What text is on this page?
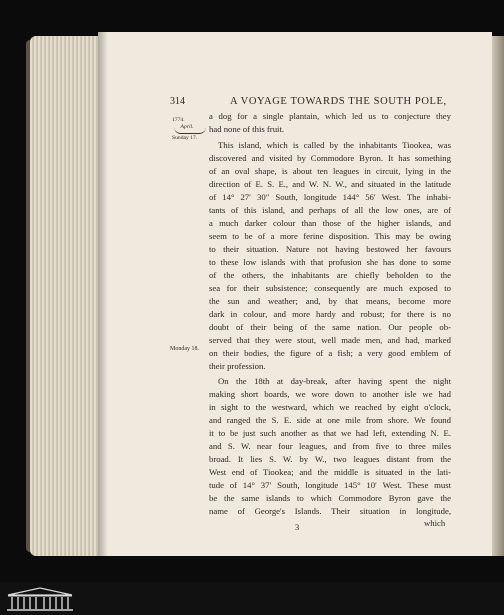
314	A VOYAGE TOWARDS THE SOUTH POLE,
1774.
April.
Sunday 17.
Monday 18.
a dog for a single plantain, which led us to conjecture they
had none of this fruit.
This island, which is called by the inhabitants Tiookea, was
discovered and visited by Commodore Byron. It has something
of an oval shape, is about ten leagues in circuit, lying in the
direction of E. S. E., and W. N. W., and situated in the latitude
of 14° 27′ 30″ South, longitude 144° 56′ West. The inhabi-
tants of this island, and perhaps of all the low ones, are of
a much darker colour than those of the higher islands, and
seem to be of a more ferine disposition. This may be owing
to their situation. Nature not having bestowed her favours
to these low islands with that profusion she has done to some
of the others, the inhabitants are chiefly beholden to the
sea for their subsistence; consequently are much exposed to
the sun and weather; and, by that means, become more
dark in colour, and more hardy and robust; for there is no
doubt of their being of the same nation. Our people ob-
served that they were stout, well made men, and had, marked
on their bodies, the figure of a fish; a very good emblem of
their profession.
On the 18th at day-break, after having spent the night
making short boards, we wore down to another isle we had
in sight to the westward, which we reached by eight o'clock,
and ranged the S. E. side at one mile from shore. We found
it to be just such another as that we had left, extending N. E.
and S. W. near four leagues, and from five to three miles
broad. It lies S. W. by W., two leagues distant from the
West end of Tiookea; and the middle is situated in the lati-
tude of 14° 37′ South, longitude 145° 10′ West. These must
be the same islands to which Commodore Byron gave the
name of George's Islands. Their situation in longitude,
3	which
